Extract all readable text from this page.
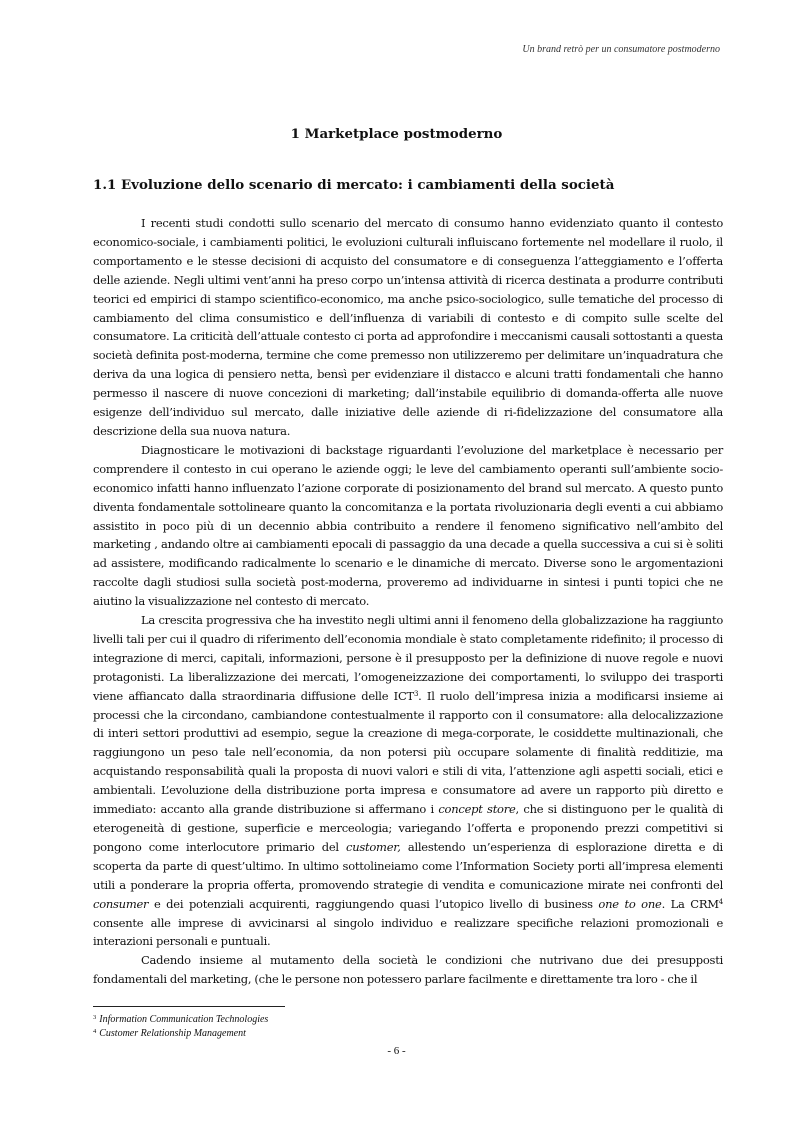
Un brand retrò per un consumatore postmoderno
1 Marketplace postmoderno
1.1 Evoluzione dello scenario di mercato: i cambiamenti della società

I recenti studi condotti sullo scenario del mercato di consumo hanno evidenziato quanto il contesto economico-sociale, i cambiamenti politici, le evoluzioni culturali influiscano fortemente nel modellare il ruolo, il comportamento e le stesse decisioni di acquisto del consumatore e di conseguenza l’atteggiamento e l’offerta delle aziende. Negli ultimi vent’anni ha preso corpo un’intensa attività di ricerca destinata a produrre contributi teorici ed empirici di stampo scientifico-economico, ma anche psico-sociologico, sulle tematiche del processo di cambiamento del clima consumistico e dell’influenza di variabili di contesto e di compito sulle scelte del consumatore. La criticità dell’attuale contesto ci porta ad approfondire i meccanismi causali sottostanti a questa società definita post-moderna, termine che come premesso non utilizzeremo per delimitare un’inquadratura che deriva da una logica di pensiero netta, bensì per evidenziare il distacco e alcuni tratti fondamentali che hanno permesso il nascere di nuove concezioni di marketing; dall’instabile equilibrio di domanda-offerta alle nuove esigenze dell’individuo sul mercato, dalle iniziative delle aziende di ri-fidelizzazione del consumatore alla descrizione della sua nuova natura.

Diagnosticare le motivazioni di backstage riguardanti l’evoluzione del marketplace è necessario per comprendere il contesto in cui operano le aziende oggi; le leve del cambiamento operanti sull’ambiente socio-economico infatti hanno influenzato l’azione corporate di posizionamento del brand sul mercato. A questo punto diventa fondamentale sottolineare quanto la concomitanza e la portata rivoluzionaria degli eventi a cui abbiamo assistito in poco più di un decennio abbia contribuito a rendere il fenomeno significativo nell’ambito del marketing , andando oltre ai cambiamenti epocali di passaggio da una decade a quella successiva a cui si è soliti ad assistere, modificando radicalmente lo scenario e le dinamiche di mercato. Diverse sono le argomentazioni raccolte dagli studiosi sulla società post-moderna, proveremo ad individuarne in sintesi i punti topici che ne aiutino la visualizzazione nel contesto di mercato.

La crescita progressiva che ha investito negli ultimi anni il fenomeno della globalizzazione ha raggiunto livelli tali per cui il quadro di riferimento dell’economia mondiale è stato completamente ridefinito; il processo di integrazione di merci, capitali, informazioni, persone è il presupposto per la definizione di nuove regole e nuovi protagonisti. La liberalizzazione dei mercati, l’omogeneizzazione dei comportamenti, lo sviluppo dei trasporti viene affiancato dalla straordinaria diffusione delle ICT$^3$. Il ruolo dell’impresa inizia a modificarsi insieme ai processi che la circondano, cambiandone contestualmente il rapporto con il consumatore: alla delocalizzazione di interi settori produttivi ad esempio, segue la creazione di mega-corporate, le cosiddette multinazionali, che raggiungono un peso tale nell’economia, da non potersi più occupare solamente di finalità redditizie, ma acquistando responsabilità quali la proposta di nuovi valori e stili di vita, l’attenzione agli aspetti sociali, etici e ambientali. L’evoluzione della distribuzione porta impresa e consumatore ad avere un rapporto più diretto e immediato: accanto alla grande distribuzione si affermano i concept store, che si distinguono per le qualità di eterogeneità di gestione, superficie e merceologia; variegando l’offerta e proponendo prezzi competitivi si pongono come interlocutore primario del customer, allestendo un’esperienza di esplorazione diretta e di scoperta da parte di quest’ultimo. In ultimo sottolineiamo come l’Information Society porti all’impresa elementi utili a ponderare la propria offerta, promovendo strategie di vendita e comunicazione mirate nei confronti del consumer e dei potenziali acquirenti, raggiungendo quasi l’utopico livello di business one to one. La CRM$^4$ consente alle imprese di avvicinarsi al singolo individuo e realizzare specifiche relazioni promozionali e interazioni personali e puntuali.

Cadendo insieme al mutamento della società le condizioni che nutrivano due dei presupposti fondamentali del marketing, (che le persone non potessero parlare facilmente e direttamente tra loro - che il

$^3$ Information Communication Technologies
$^4$ Customer Relationship Management
- 6 -
